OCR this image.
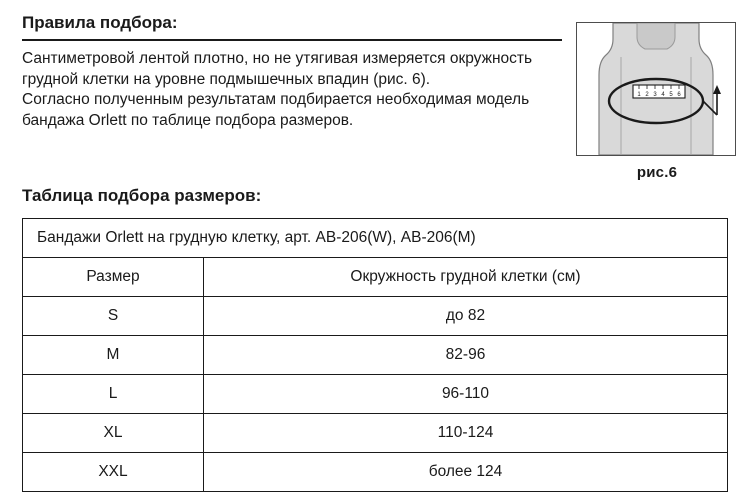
Правила подбора:

Сантиметровой лентой плотно, но не утягивая измеряется окружность грудной клетки на уровне подмышечных впадин (рис. 6).

Согласно полученным результатам подбирается необходимая модель бандажа Orlett по таблице подбора размеров.

1 2 3 4 5 6
рис.6
Таблица подбора размеров:
Бандажи Orlett на грудную клетку, арт. АВ-206(W), АВ-206(M)	
Размер	Окружность грудной клетки (см)
S	до 82
M	82-96
L	96-110
XL	110-124
XXL	более 124
